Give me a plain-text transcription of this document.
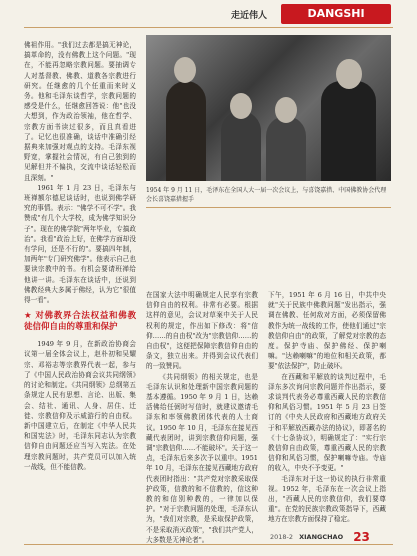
走近伟人	DANGSHI

佛祖作用。"我们过去都是搞无神论，搞革命的，没有佛教上这个问题。"现在，不能再忽略宗教问题。要抽调专人对基督教、佛教、道教各宗教进行研究。任继愈的几个任重而来时义务。他和毛泽东谈哲学，宗教问题的感受是什么，任继愈回答说：他"也没大想到，作为政治领袖，他在哲学、宗教方面书读过很多，而且真看进了。记忆也很准确，谈话中准确引经据典来加强对观点的支持。毛泽东视野宽，掌握社会情况，有自己独到的见解但并不偏执，交流中谈话轻松而且深刻。"

1961 年 1 月 23 日，毛泽东与班禅额尔德尼谈话时，也说到佛学研究的事情。表示："佛学不可不学"。我赞成"有几个大学校，成为佛学知识分子"。现在的佛学院"两年毕业，专搞政治"。我看"政治上好，在佛学方面却没有学问，还是不行的"。要搞四年制，加两年"专门研究佛学"。他表示自己也要读宗教中的书。有机会要请班禅给他讲一讲。毛泽东在谈话中，还说到佛教经典大多属于佛经，认为它"很值得一看"。

★ 对佛教界合法权益和佛教徒信仰自由的尊重和保护

1949 年 9 月，在新政治协商会议第一届全体会议上，赵朴初和吴耀宗、邓裕志等宗教界代表一起，参与了《中国人民政治协商会议共同纲领》的讨论和制定。《共同纲领》总纲第五条规定人民有思想、言论、出版、集会、结社、通讯、人身、居住、迁徙、宗教信仰及示威游行的自由权。新中国建立后，在制定《中华人民共和国宪法》时，毛泽东同志认为宗教信仰自由问题还应当写入宪法。在处理宗教问题时，共产党员可以加入统一战线，但不能信教。

1954 年 9 月 11 日，毛泽东在全国人大一届一次会议上，与喜饶嘉措、中国佛教协会代理会长喜饶嘉措握手

在国家大法中明确规定人民享有宗教信仰自由的权利。非常有必要。根据这样的意见，会议对草案中关于人民权利的规定，作出如下修改：将"信仰……的自由权"改为"宗教信仰……的自由权"，这便把保障宗教信仰自由的条文，独立出来。并得到会议代表们的一致赞同。

《共同纲领》的相关规定，也是毛泽东认识和处理新中国宗教问题的基本遵循。1950 年 9 月 1 日，达赖活佛给任弼时写信时，就建议邀请毛泽东和率领佛教团体代表的人士商议。1950 年 10 月，毛泽东在接见西藏代表团时，讲到宗教信仰问题，强调"宗教信仰……不能破坏"。关于这一点，毛泽东后来多次予以重申。1951 年 10 月，毛泽东在接见西藏地方政府代表团时指出："共产党对宗教采取保护政策，信教的和不信教的，信这种教的和信别种教的，一律加以保护。"对于宗教问题的处理，毛泽东认为，"我们对宗教，是采取保护政策，不是采取消灭政策"，"我们共产党人，大多数是无神论者"。

下午，1951 年 6 月 16 日，中共中央就"关于民族中佛教问题"发出指示，强调在佛教、任何敌对方面，必须保留佛教作为统一战线的工作，使他们通过"宗教信仰自由"的政策，了解党对宗教的态度。保护寺庙、保护佛经、保护喇嘛。"达赖喇嘛"的地位和相关政策，都要"依法保护"，防止破坏。

在西藏和平解放的谈判过程中，毛泽东多次询问宗教问题并作出指示，要求谈判代表务必尊重西藏人民的宗教信仰和风俗习惯。1951 年 5 月 23 日签订的《中央人民政府和西藏地方政府关于和平解放西藏办法的协议》，即著名的《十七条协议》，明确规定了："实行宗教信仰自由政策，尊重西藏人民的宗教信仰和风俗习惯，保护喇嘛寺庙。寺庙的收入，中央不予变更。"

毛泽东对于这一协议的执行非常重视。1952 年，毛泽东在一次会议上指出，"西藏人民的宗教信仰，我们要尊重"。在党的民族宗教政策指导下，西藏地方在宗教方面保持了稳定。

2018-2 XIANGCHAO 23
